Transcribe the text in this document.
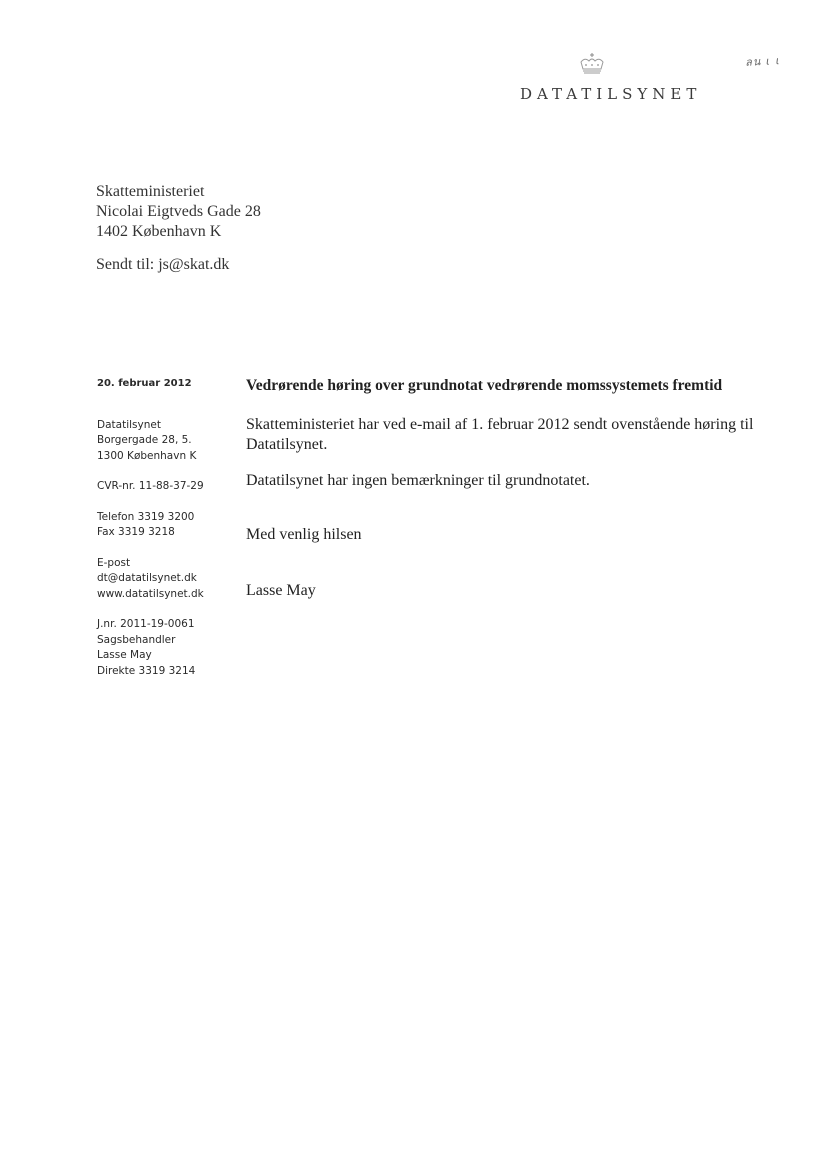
ลน ɩ ɩ
DATATILSYNET
Skatteministeriet
Nicolai Eigtveds Gade 28
1402 København K
Sendt til: js@skat.dk
20. februar 2012
Datatilsynet
Borgergade 28, 5.
1300 København K
CVR-nr. 11-88-37-29
Telefon 3319 3200
Fax 3319 3218
E-post
dt@datatilsynet.dk
www.datatilsynet.dk
J.nr. 2011-19-0061
Sagsbehandler
Lasse May
Direkte 3319 3214
Vedrørende høring over grundnotat vedrørende momssystemets fremtid
Skatteministeriet har ved e-mail af 1. februar 2012 sendt ovenstående høring til Datatilsynet.
Datatilsynet har ingen bemærkninger til grundnotatet.
Med venlig hilsen
Lasse May
